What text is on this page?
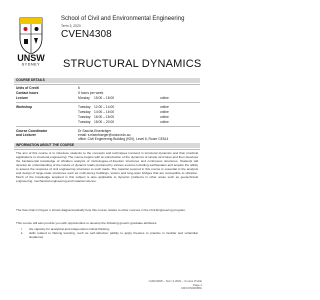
UNSW
SYDNEY
School of Civil and Environmental Engineering
Term 3, 2020
CVEN4308
STRUCTURAL DYNAMICS
COURSE DETAILS
Units of Credit	6
Contact hours	5 hours per week
Lecture	Monday 15:00 – 18:00	online
Workshop	Tuesday 12:00 – 14:00	online
Tuesday 14:00 – 16:00	online
Tuesday 16:00 – 18:00	online
Tuesday 18:00 – 20:00	online
Course Coordinator	Dr Sascha Eisenträger
and Lecturer	email: s.eisentraeger@unsw.edu.au
office: Civil Engineering Building (H20), Level 6, Room CE614
INFORMATION ABOUT THE COURSE
The aim of this course is to introduce students to the concepts and techniques involved in structural dynamics and their practical applications in structural engineering. The course begins with an introduction of the dynamics of simple structures and then develops the fundamental knowledge of vibration analysis of multi-degree-of-freedom structures and continuous structures. Students will develop an understanding of the nature of dynamic loads produced by various sources including earthquakes and acquire the ability to assess the response of civil engineering structures to such loads. The material covered in this course is essential to the analysis and design of large-scale structures such as multi-storey buildings, towers and long-span bridges that are susceptible to vibration. Much of the knowledge acquired in this subject is also applicable to dynamic problems in other areas such as geotechnical engineering, mechanical engineering and material science.
The flow chart in Figure 1 shows diagrammatically how this course relates to other courses in the Civil Engineering program.
This course will also provide you with opportunities to develop the following generic graduate attributes:
i. the capacity for analytical and independent critical thinking;
ii. skills related to lifelong learning, such as self-reflection (ability to apply theories to practice in familiar and unfamiliar situations).
CVEN4308 – Term 3 2020 – Course Profile
Page 1
CRICOS00098G
